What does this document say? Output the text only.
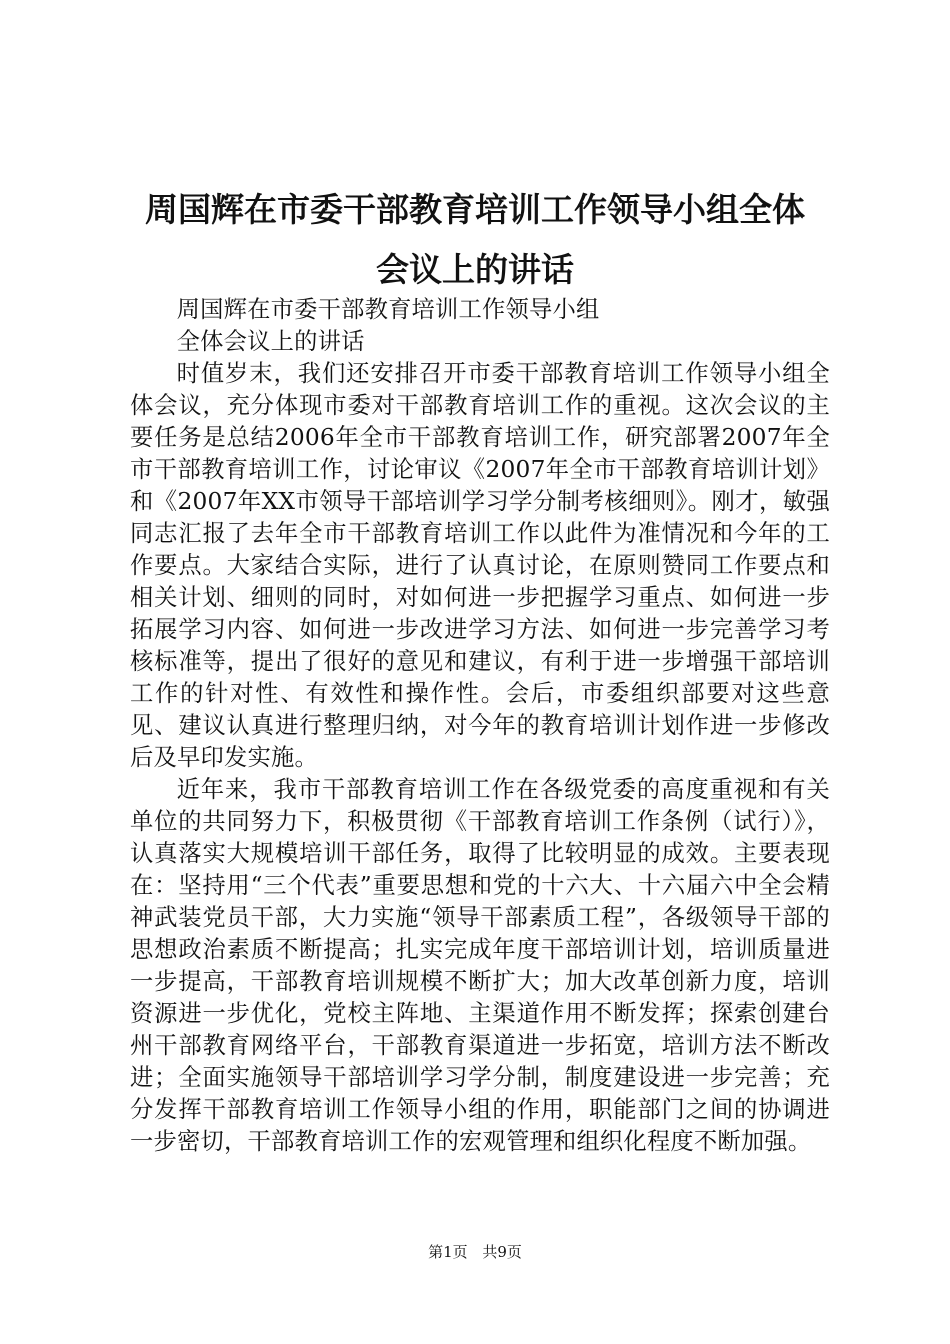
周国辉在市委干部教育培训工作领导小组全体
会议上的讲话

周国辉在市委干部教育培训工作领导小组

全体会议上的讲话

时值岁末，我们还安排召开市委干部教育培训工作领导小组全体会议，充分体现市委对干部教育培训工作的重视。这次会议的主要任务是总结2006年全市干部教育培训工作，研究部署2007年全市干部教育培训工作，讨论审议《2007年全市干部教育培训计划》和《2007年XX市领导干部培训学习学分制考核细则》。刚才，敏强同志汇报了去年全市干部教育培训工作以此件为准情况和今年的工作要点。大家结合实际，进行了认真讨论，在原则赞同工作要点和相关计划、细则的同时，对如何进一步把握学习重点、如何进一步拓展学习内容、如何进一步改进学习方法、如何进一步完善学习考核标准等，提出了很好的意见和建议，有利于进一步增强干部培训工作的针对性、有效性和操作性。会后，市委组织部要对这些意见、建议认真进行整理归纳，对今年的教育培训计划作进一步修改后及早印发实施。

近年来，我市干部教育培训工作在各级党委的高度重视和有关单位的共同努力下，积极贯彻《干部教育培训工作条例（试行）》，认真落实大规模培训干部任务，取得了比较明显的成效。主要表现在：坚持用“三个代表”重要思想和党的十六大、十六届六中全会精神武装党员干部，大力实施“领导干部素质工程”，各级领导干部的思想政治素质不断提高；扎实完成年度干部培训计划，培训质量进一步提高，干部教育培训规模不断扩大；加大改革创新力度，培训资源进一步优化，党校主阵地、主渠道作用不断发挥；探索创建台州干部教育网络平台，干部教育渠道进一步拓宽，培训方法不断改进；全面实施领导干部培训学习学分制，制度建设进一步完善；充分发挥干部教育培训工作领导小组的作用，职能部门之间的协调进一步密切，干部教育培训工作的宏观管理和组织化程度不断加强。

第1页 共9页
